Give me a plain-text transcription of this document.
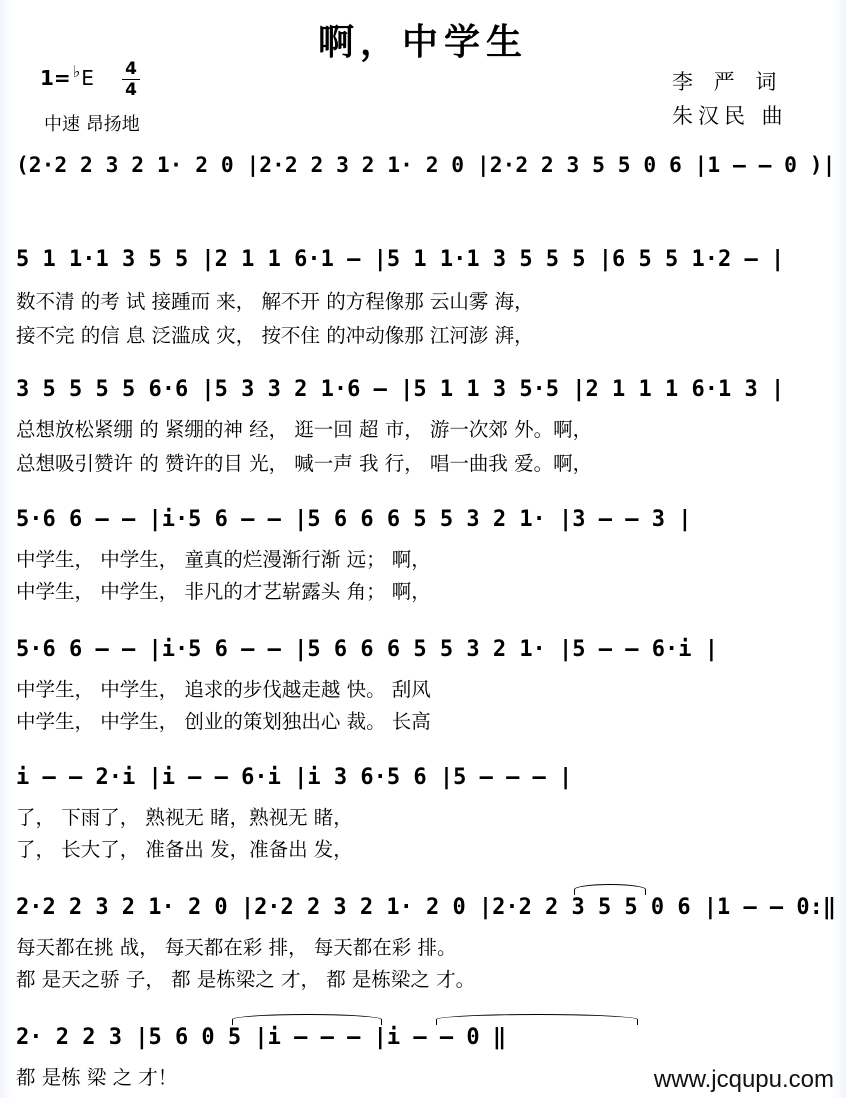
啊，中学生
1= ♭E 4
4
中速 昂扬地
李 严 词
朱汉民 曲
(2·2 2 3 2 1· 2 0 |2·2 2 3 2 1· 2 0 |2·2 2 3 5 5 0 6 |1 – – 0 )|
5 1 1·1 3 5 5 |2 1 1 6·1 – |5 1 1·1 3 5 5 5 |6 5 5 1·2 – |
数不清 的考 试 接踵而 来， 解不开 的方程像那 云山雾 海，
接不完 的信 息 泛滥成 灾， 按不住 的冲动像那 江河澎 湃，
3 5 5 5 5 6·6 |5 3 3 2 1·6 – |5 1 1 3 5·5 |2 1 1 1 6·1 3 |
总想放松紧绷 的 紧绷的神 经， 逛一回 超 市， 游一次郊 外。啊，
总想吸引赞许 的 赞许的目 光， 喊一声 我 行， 唱一曲我 爱。啊，
5·6 6 – – |i·5 6 – – |5 6 6 6 5 5 3 2 1· |3 – – 3 |
中学生， 中学生， 童真的烂漫渐行渐 远； 啊，
中学生， 中学生， 非凡的才艺崭露头 角； 啊，
5·6 6 – – |i·5 6 – – |5 6 6 6 5 5 3 2 1· |5 – – 6·i |
中学生， 中学生， 追求的步伐越走越 快。 刮风
中学生， 中学生， 创业的策划独出心 裁。 长高
i – – 2·i |i – – 6·i |i 3 6·5 6 |5 – – – |
了， 下雨了， 熟视无 睹，熟视无 睹，
了， 长大了， 准备出 发，准备出 发，
2·2 2 3 2 1· 2 0 |2·2 2 3 2 1· 2 0 |2·2 2 3 5 5 0 6 |1 – – 0:‖
每天都在挑 战， 每天都在彩 排， 每天都在彩 排。
都 是天之骄 子， 都 是栋梁之 才， 都 是栋梁之 才。
2· 2 2 3 |5 6 0 5 |i – – – |i – – 0 ‖
都 是栋 梁 之 才！	www.jcqupu.com
